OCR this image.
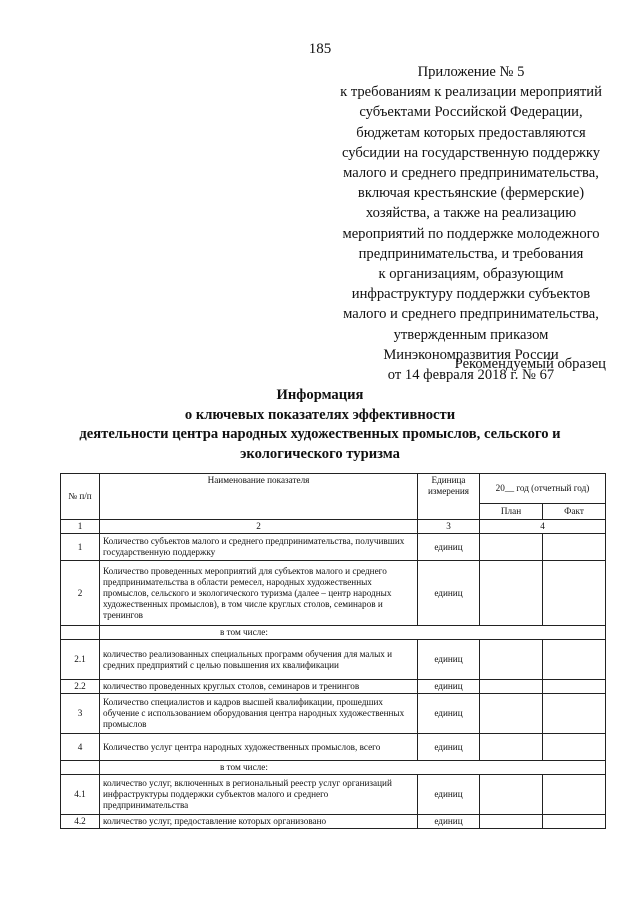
185
Приложение № 5
к требованиям к реализации мероприятий
субъектами Российской Федерации,
бюджетам которых предоставляются
субсидии на государственную поддержку
малого и среднего предпринимательства,
включая крестьянские (фермерские)
хозяйства, а также на реализацию
мероприятий по поддержке молодежного
предпринимательства, и требования
к организациям, образующим
инфраструктуру поддержки субъектов
малого и среднего предпринимательства,
утвержденным приказом
Минэкономразвития России
от 14 февраля 2018 г. № 67
Рекомендуемый образец
Информация
о ключевых показателях эффективности
деятельности центра народных художественных промыслов, сельского и
экологического туризма
№ п/п	Наименование показателя	Единица измерения	20__ год (отчетный год)	
			План	Факт
1	2	3	4	
1	Количество субъектов малого и среднего предпринимательства, получивших государственную поддержку	единиц		
2	Количество проведенных мероприятий для субъектов малого и среднего предпринимательства в области ремесел, народных художественных промыслов, сельского и экологического туризма (далее – центр народных художественных промыслов), в том числе круглых столов, семинаров и тренингов	единиц		
	в том числе:			
2.1	количество реализованных специальных программ обучения для малых и средних предприятий с целью повышения их квалификации	единиц		
2.2	количество проведенных круглых столов, семинаров и тренингов	единиц		
3	Количество специалистов и кадров высшей квалификации, прошедших обучение с использованием оборудования центра народных художественных промыслов	единиц		
4	Количество услуг центра народных художественных промыслов, всего	единиц		
	в том числе:			
4.1	количество услуг, включенных в региональный реестр услуг организаций инфраструктуры поддержки субъектов малого и среднего предпринимательства	единиц		
4.2	количество услуг, предоставление которых организовано	единиц		
